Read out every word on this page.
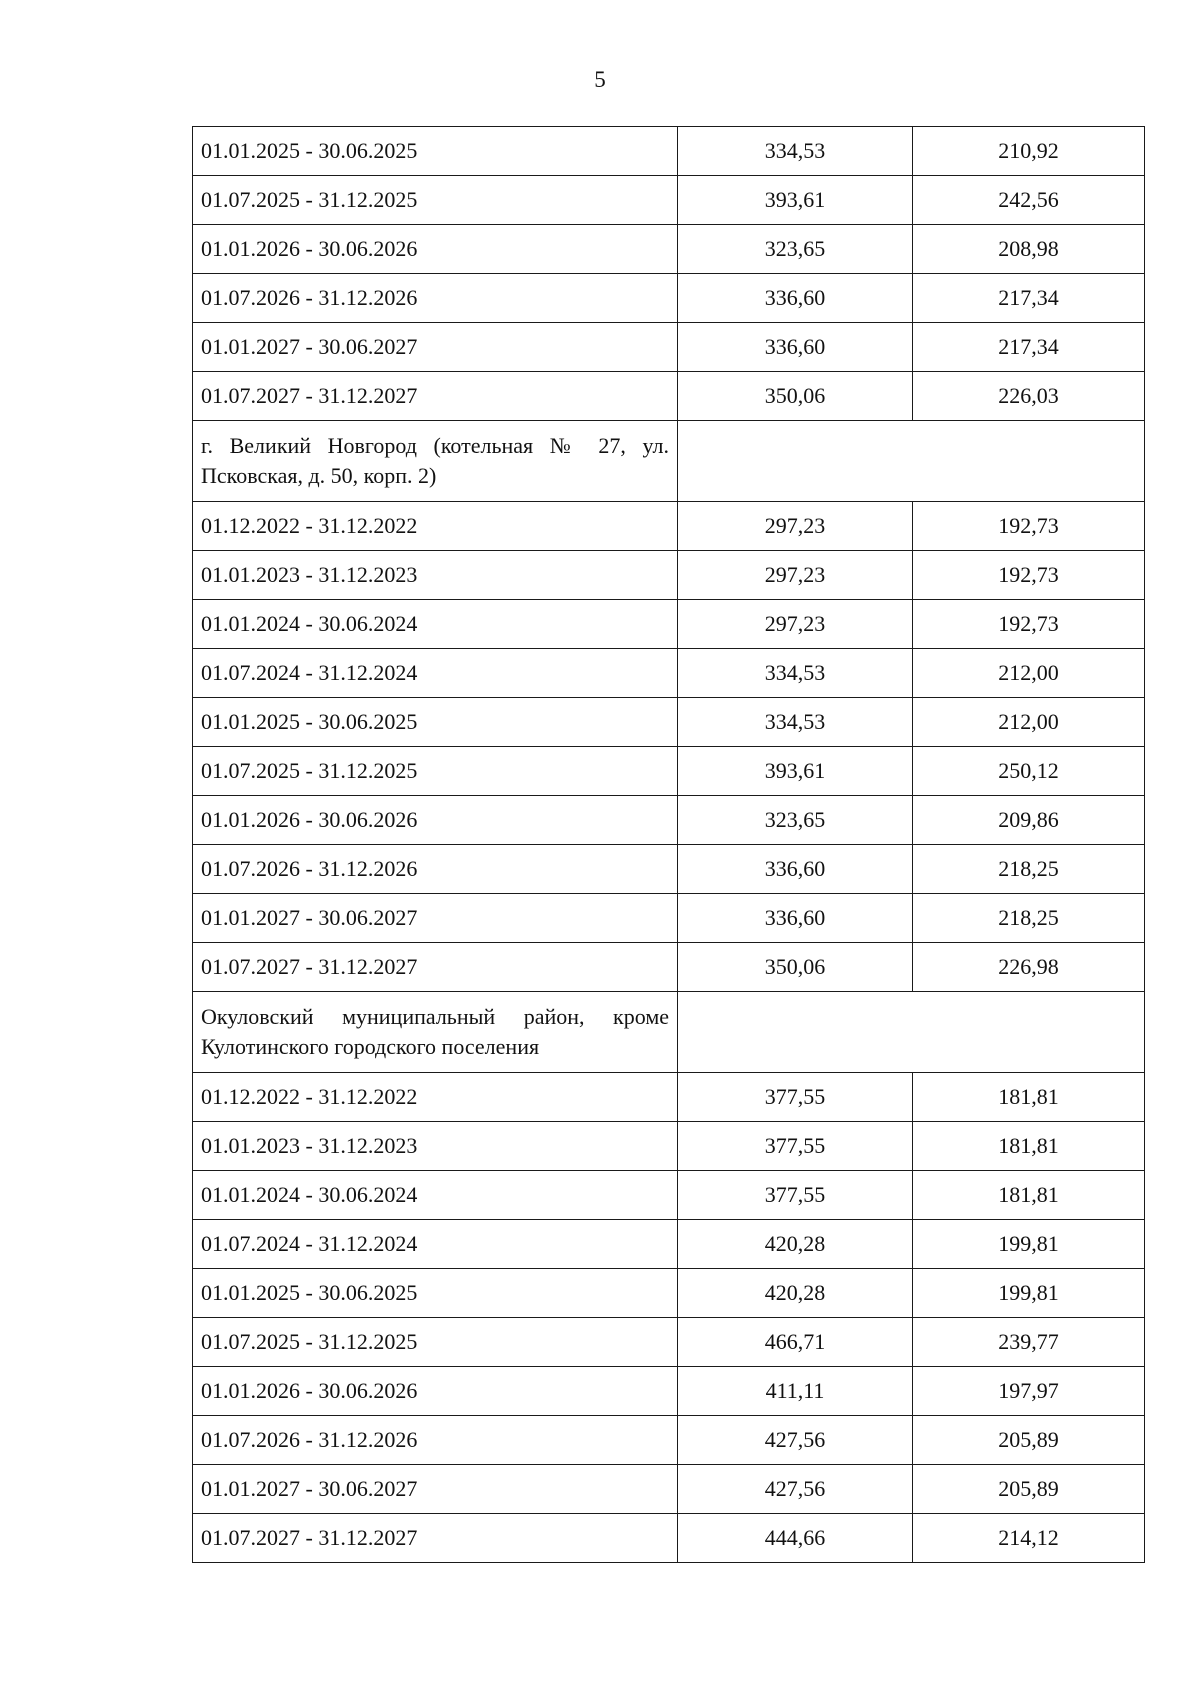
5
01.01.2025 - 30.06.2025	334,53	210,92
01.07.2025 - 31.12.2025	393,61	242,56
01.01.2026 - 30.06.2026	323,65	208,98
01.07.2026 - 31.12.2026	336,60	217,34
01.01.2027 - 30.06.2027	336,60	217,34
01.07.2027 - 31.12.2027	350,06	226,03
г. Великий Новгород (котельная № 27, ул. Псковская, д. 50, корп. 2)		
01.12.2022 - 31.12.2022	297,23	192,73
01.01.2023 - 31.12.2023	297,23	192,73
01.01.2024 - 30.06.2024	297,23	192,73
01.07.2024 - 31.12.2024	334,53	212,00
01.01.2025 - 30.06.2025	334,53	212,00
01.07.2025 - 31.12.2025	393,61	250,12
01.01.2026 - 30.06.2026	323,65	209,86
01.07.2026 - 31.12.2026	336,60	218,25
01.01.2027 - 30.06.2027	336,60	218,25
01.07.2027 - 31.12.2027	350,06	226,98
Окуловский муниципальный район, кроме Кулотинского городского поселения		
01.12.2022 - 31.12.2022	377,55	181,81
01.01.2023 - 31.12.2023	377,55	181,81
01.01.2024 - 30.06.2024	377,55	181,81
01.07.2024 - 31.12.2024	420,28	199,81
01.01.2025 - 30.06.2025	420,28	199,81
01.07.2025 - 31.12.2025	466,71	239,77
01.01.2026 - 30.06.2026	411,11	197,97
01.07.2026 - 31.12.2026	427,56	205,89
01.01.2027 - 30.06.2027	427,56	205,89
01.07.2027 - 31.12.2027	444,66	214,12
